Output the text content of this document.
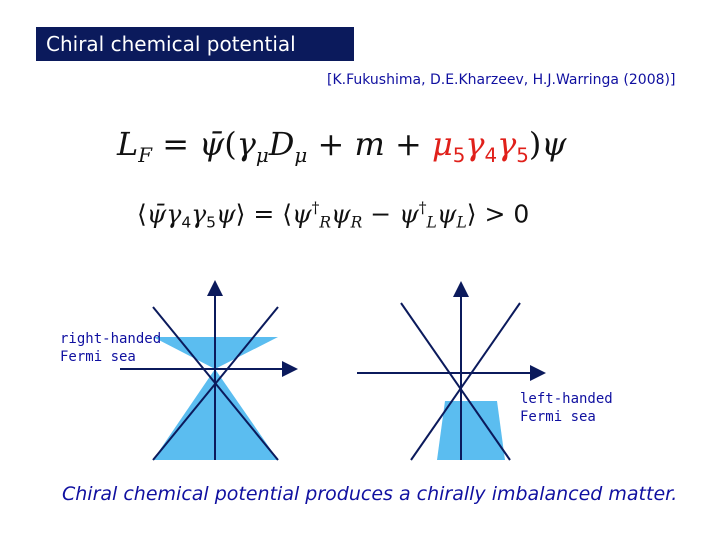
Chiral chemical potential
[K.Fukushima, D.E.Kharzeev, H.J.Warringa (2008)]
$L_F$ = $\psī(\gamma_\mu D_\mu + m + \mu_5\gamma_4\gamma_5)\psi$
$⟨\psī\gamma_4\gamma_5\psi⟩$ = $⟨\psi^\dagger_R\psi_R$ − $\psi^\dagger_L\psi_L⟩ > 0$
right-handed
Fermi sea
left-handed
Fermi sea
Chiral chemical potential produces a chirally imbalanced matter.
